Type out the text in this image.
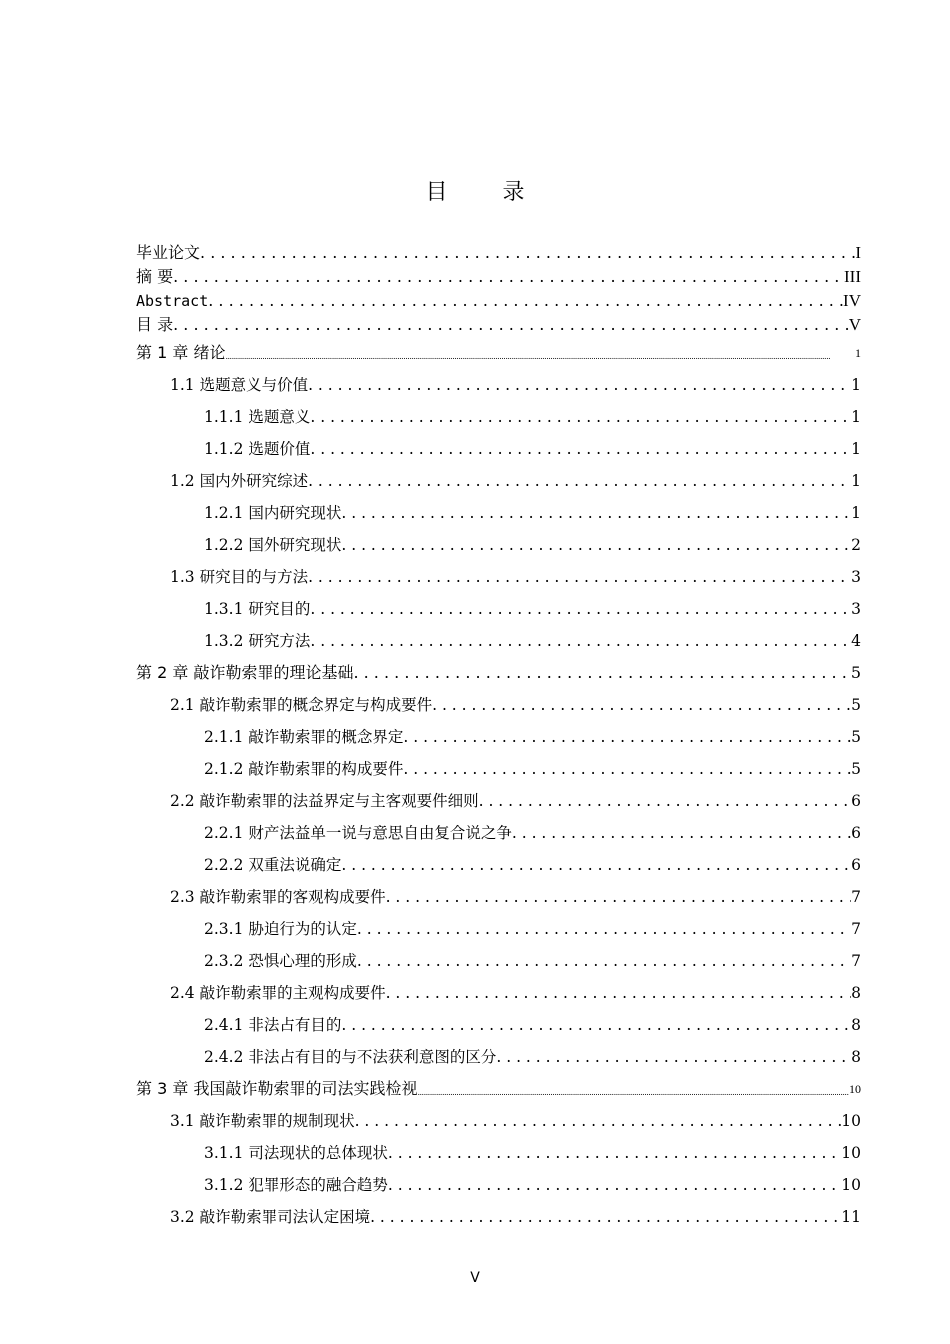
目 录
毕业论文 . . .	I
摘 要 . . .	III
Abstract . . .	IV
目 录 . . .	V
第 1 章 绪论 .....	1
1.1 选题意义与价值 . . .	1
1.1.1 选题意义 . . .	1
1.1.2 选题价值 . . .	1
1.2 国内外研究综述 . . .	1
1.2.1 国内研究现状 . . .	1
1.2.2 国外研究现状 . . .	2
1.3 研究目的与方法 . . .	3
1.3.1 研究目的 . . .	3
1.3.2 研究方法 . . .	4
第 2 章 敲诈勒索罪的理论基础 . . .	5
2.1 敲诈勒索罪的概念界定与构成要件 . . .	5
2.1.1 敲诈勒索罪的概念界定 . . .	5
2.1.2 敲诈勒索罪的构成要件 . . .	5
2.2 敲诈勒索罪的法益界定与主客观要件细则 . . .	6
2.2.1 财产法益单一说与意思自由复合说之争 . . .	6
2.2.2 双重法说确定 . . .	6
2.3 敲诈勒索罪的客观构成要件 . . .	7
2.3.1 胁迫行为的认定 . . .	7
2.3.2 恐惧心理的形成 . . .	7
2.4 敲诈勒索罪的主观构成要件 . . .	8
2.4.1 非法占有目的 . . .	8
2.4.2 非法占有目的与不法获利意图的区分 . . .	8
第 3 章 我国敲诈勒索罪的司法实践检视 .....	10
3.1 敲诈勒索罪的规制现状 . . .	10
3.1.1 司法现状的总体现状 . . .	10
3.1.2 犯罪形态的融合趋势 . . .	10
3.2 敲诈勒索罪司法认定困境 . . .	11
V
